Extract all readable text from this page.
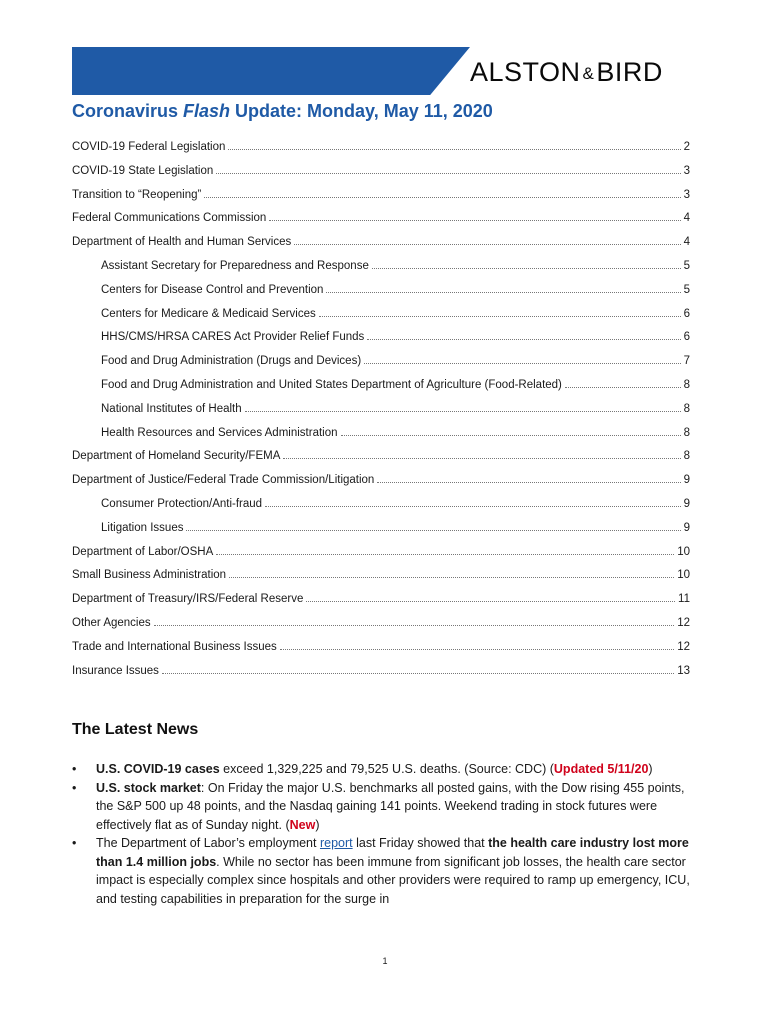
ALSTON &BIRD
Coronavirus Flash Update: Monday, May 11, 2020
COVID-19 Federal Legislation	2
COVID-19 State Legislation	3
Transition to “Reopening”	3
Federal Communications Commission	4
Department of Health and Human Services	4
Assistant Secretary for Preparedness and Response	5
Centers for Disease Control and Prevention	5
Centers for Medicare & Medicaid Services	6
HHS/CMS/HRSA CARES Act Provider Relief Funds	6
Food and Drug Administration (Drugs and Devices)	7
Food and Drug Administration and United States Department of Agriculture (Food-Related)	8
National Institutes of Health	8
Health Resources and Services Administration	8
Department of Homeland Security/FEMA	8
Department of Justice/Federal Trade Commission/Litigation	9
Consumer Protection/Anti-fraud	9
Litigation Issues	9
Department of Labor/OSHA	10
Small Business Administration	10
Department of Treasury/IRS/Federal Reserve	11
Other Agencies	12
Trade and International Business Issues	12
Insurance Issues	13
The Latest News
• U.S. COVID-19 cases exceed 1,329,225 and 79,525 U.S. deaths. (Source: CDC) (Updated 5/11/20)
• U.S. stock market: On Friday the major U.S. benchmarks all posted gains, with the Dow rising 455 points, the S&P 500 up 48 points, and the Nasdaq gaining 141 points. Weekend trading in stock futures were effectively flat as of Sunday night. (New)
• The Department of Labor’s employment report last Friday showed that the health care industry lost more than 1.4 million jobs. While no sector has been immune from significant job losses, the health care sector impact is especially complex since hospitals and other providers were required to ramp up emergency, ICU, and testing capabilities in preparation for the surge in
1
